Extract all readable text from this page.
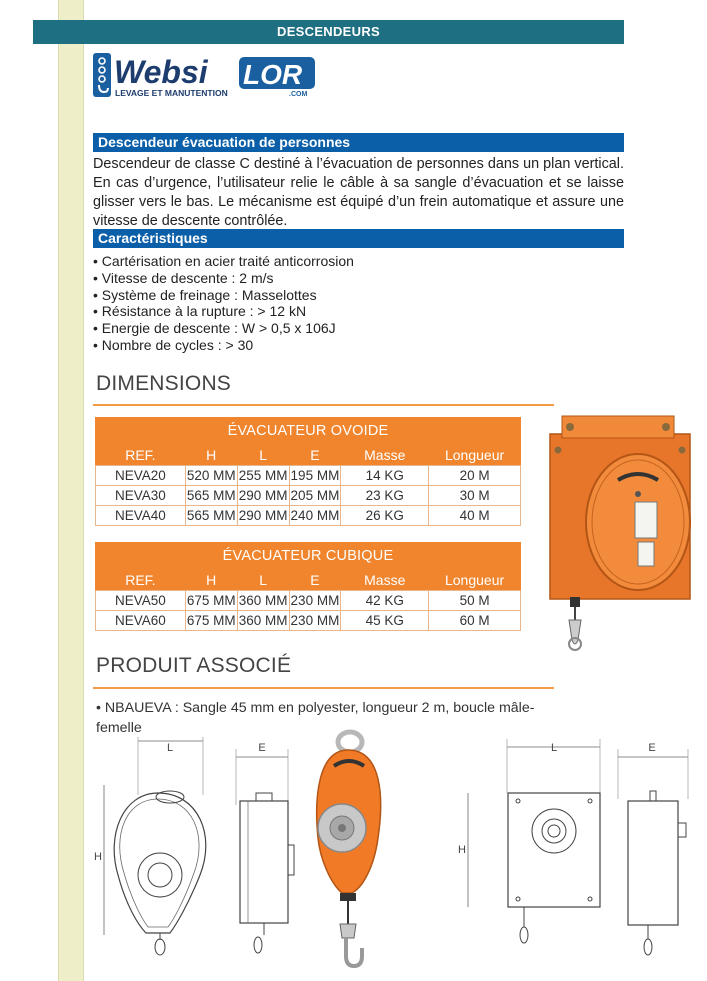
DESCENDEURS
Websi LOR
LEVAGE ET MANUTENTION	.COM
Descendeur évacuation de personnes

Descendeur de classe C destiné à l’évacuation de personnes dans un plan vertical. En cas d’urgence, l’utilisateur relie le câble à sa sangle d’évacuation et se laisse glisser vers le bas. Le mécanisme est équipé d’un frein automatique et assure une vitesse de descente contrôlée.

Caractéristiques
• Cartérisation en acier traité anticorrosion
• Vitesse de descente : 2 m/s
• Système de freinage : Masselottes
• Résistance à la rupture : > 12 kN
• Energie de descente : W > 0,5 x 106J
• Nombre de cycles : > 30
DIMENSIONS
ÉVACUATEUR OVOIDE					
REF.	H	L	E	Masse	Longueur
NEVA20	520 MM	255 MM	195 MM	14 KG	20 M
NEVA30	565 MM	290 MM	205 MM	23 KG	30 M
NEVA40	565 MM	290 MM	240 MM	26 KG	40 M
ÉVACUATEUR CUBIQUE					
REF.	H	L	E	Masse	Longueur
NEVA50	675 MM	360 MM	230 MM	42 KG	50 M
NEVA60	675 MM	360 MM	230 MM	45 KG	60 M
PRODUIT ASSOCIÉ

• NBAUEVA : Sangle 45 mm en polyester, longueur 2 m, boucle mâle-femelle

L
H
E	L
H
E
